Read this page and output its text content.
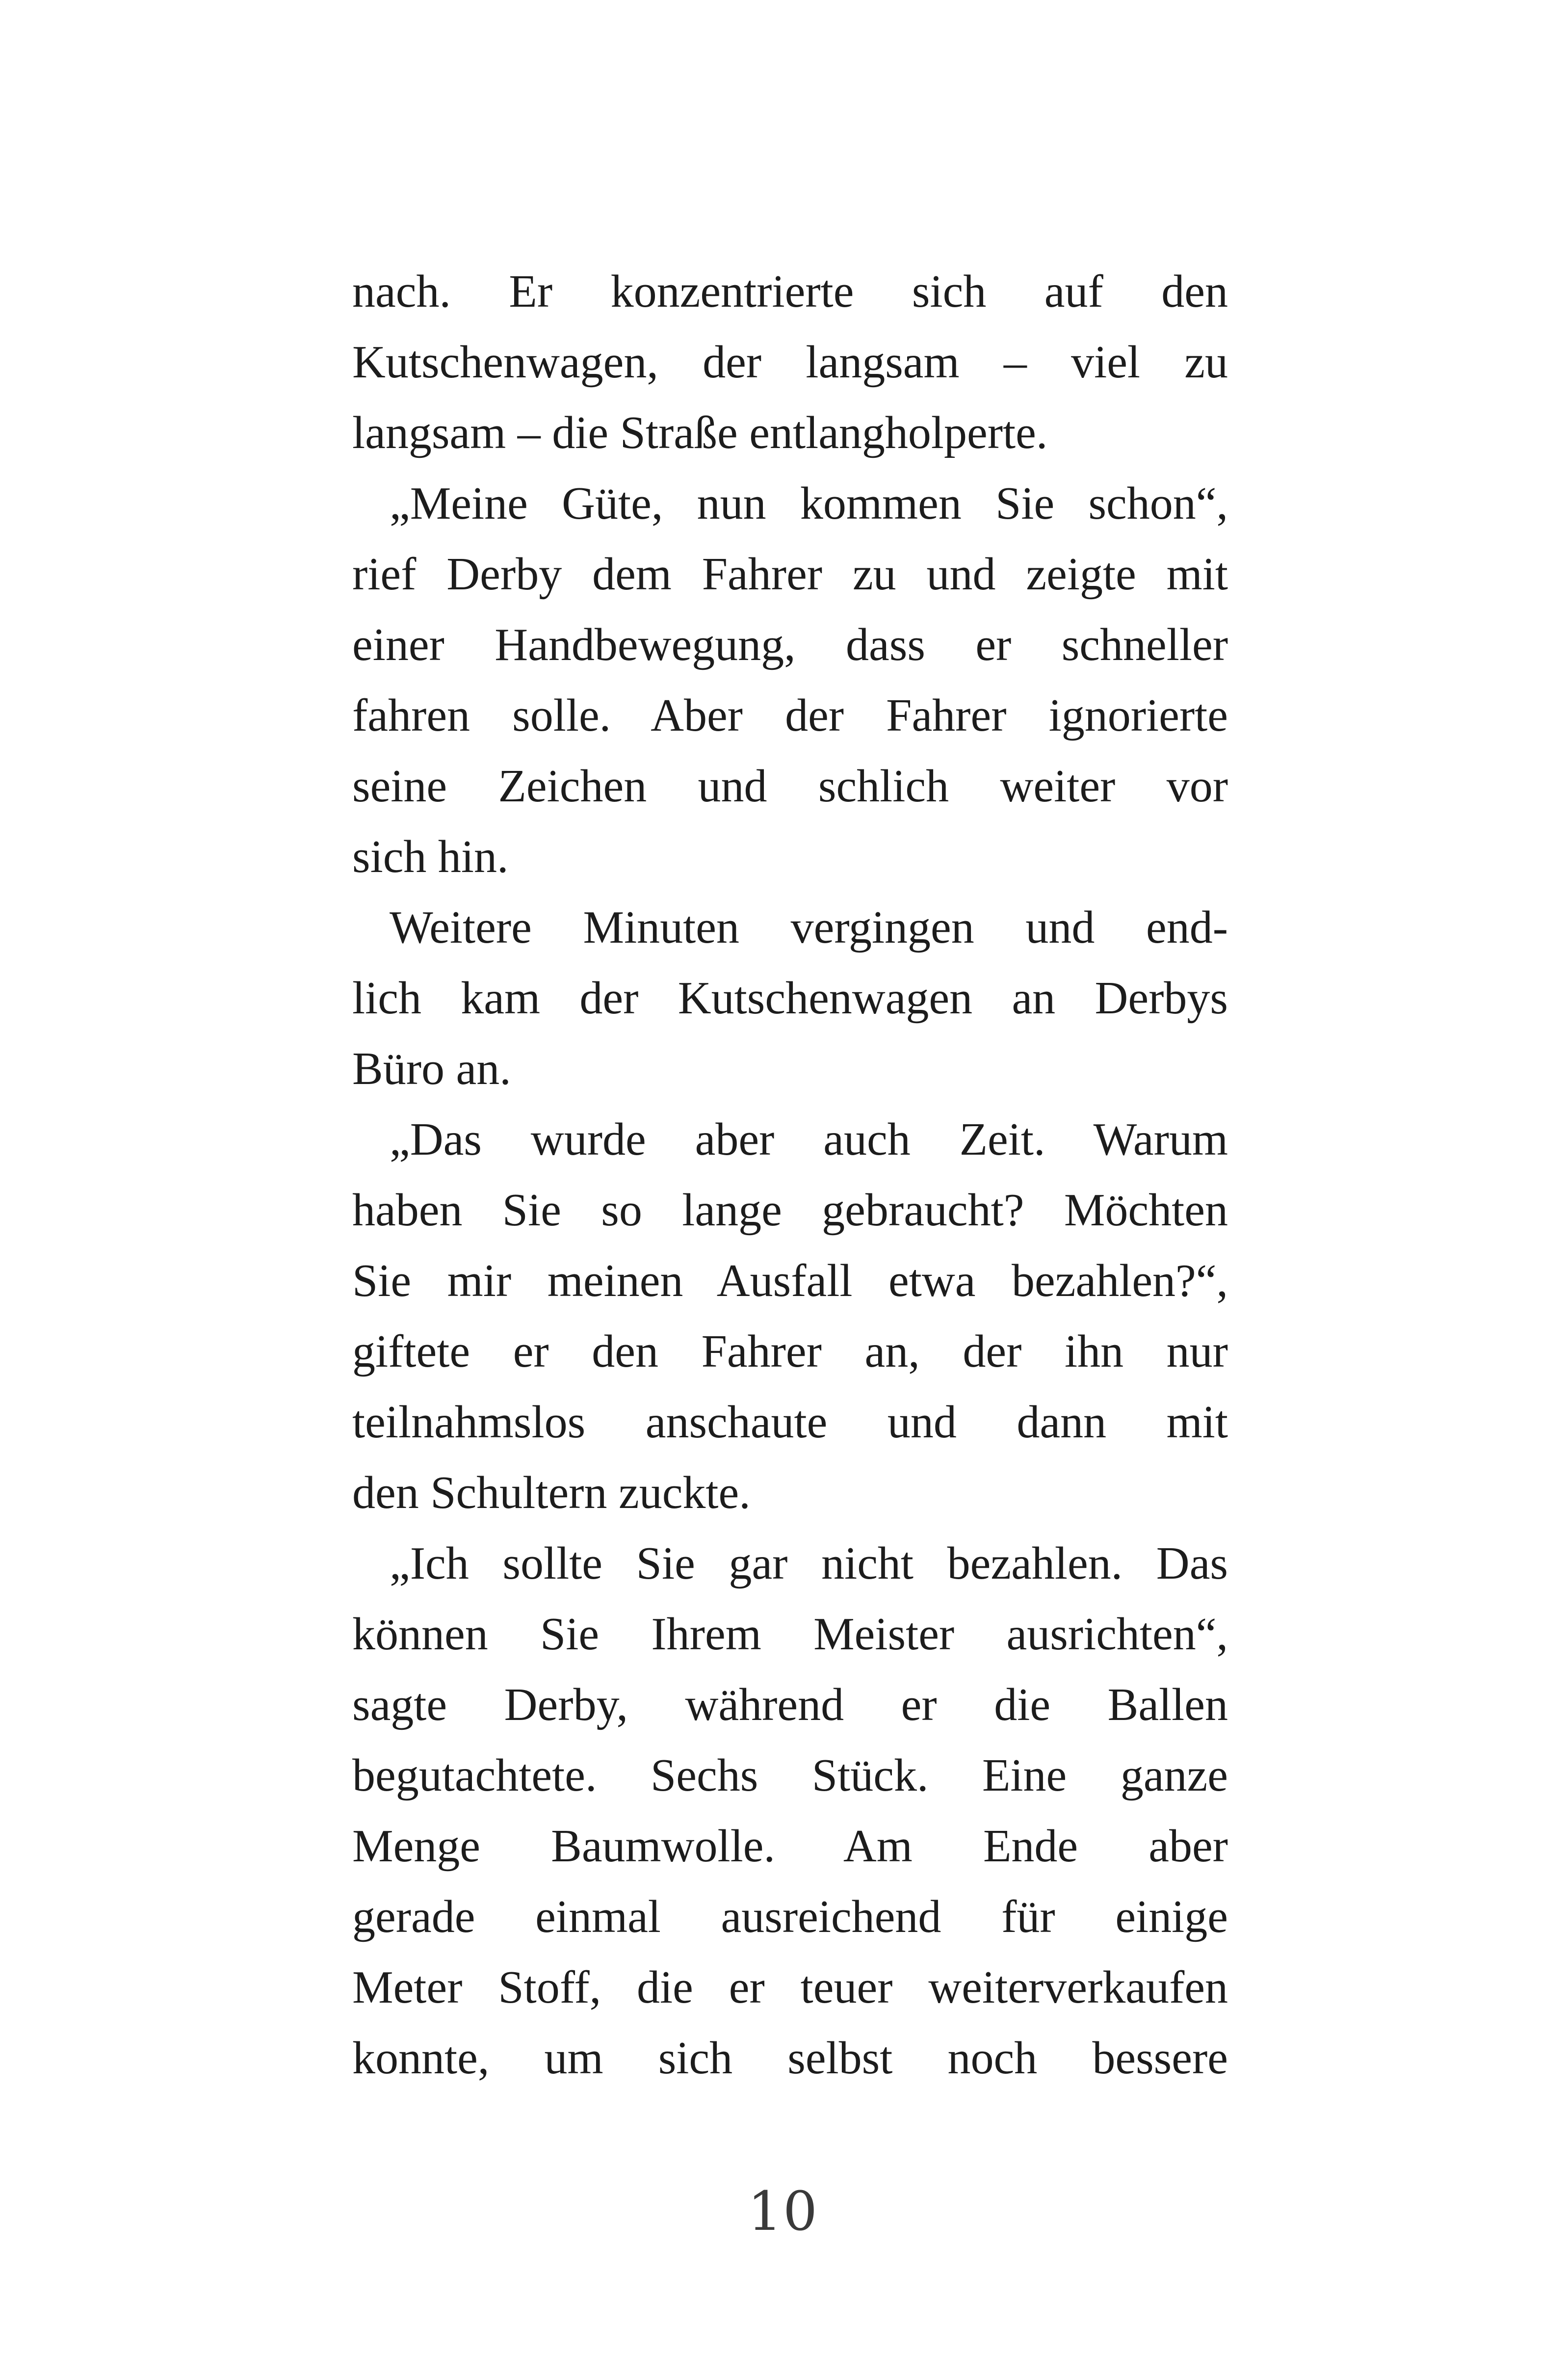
nach. Er konzentrierte sich auf den
Kutschenwagen, der langsam – viel zu
langsam – die Straße entlangholperte.
„Meine Güte, nun kommen Sie schon“,
rief Derby dem Fahrer zu und zeigte mit
einer Handbewegung, dass er schneller
fahren solle. Aber der Fahrer ignorierte
seine Zeichen und schlich weiter vor
sich hin.
Weitere Minuten vergingen und end-
lich kam der Kutschenwagen an Derbys
Büro an.
„Das wurde aber auch Zeit. Warum
haben Sie so lange gebraucht? Möchten
Sie mir meinen Ausfall etwa bezahlen?“,
giftete er den Fahrer an, der ihn nur
teilnahmslos anschaute und dann mit
den Schultern zuckte.
„Ich sollte Sie gar nicht bezahlen. Das
können Sie Ihrem Meister ausrichten“,
sagte Derby, während er die Ballen
begutachtete. Sechs Stück. Eine ganze
Menge Baumwolle. Am Ende aber
gerade einmal ausreichend für einige
Meter Stoff, die er teuer weiterverkaufen
konnte, um sich selbst noch bessere
10
